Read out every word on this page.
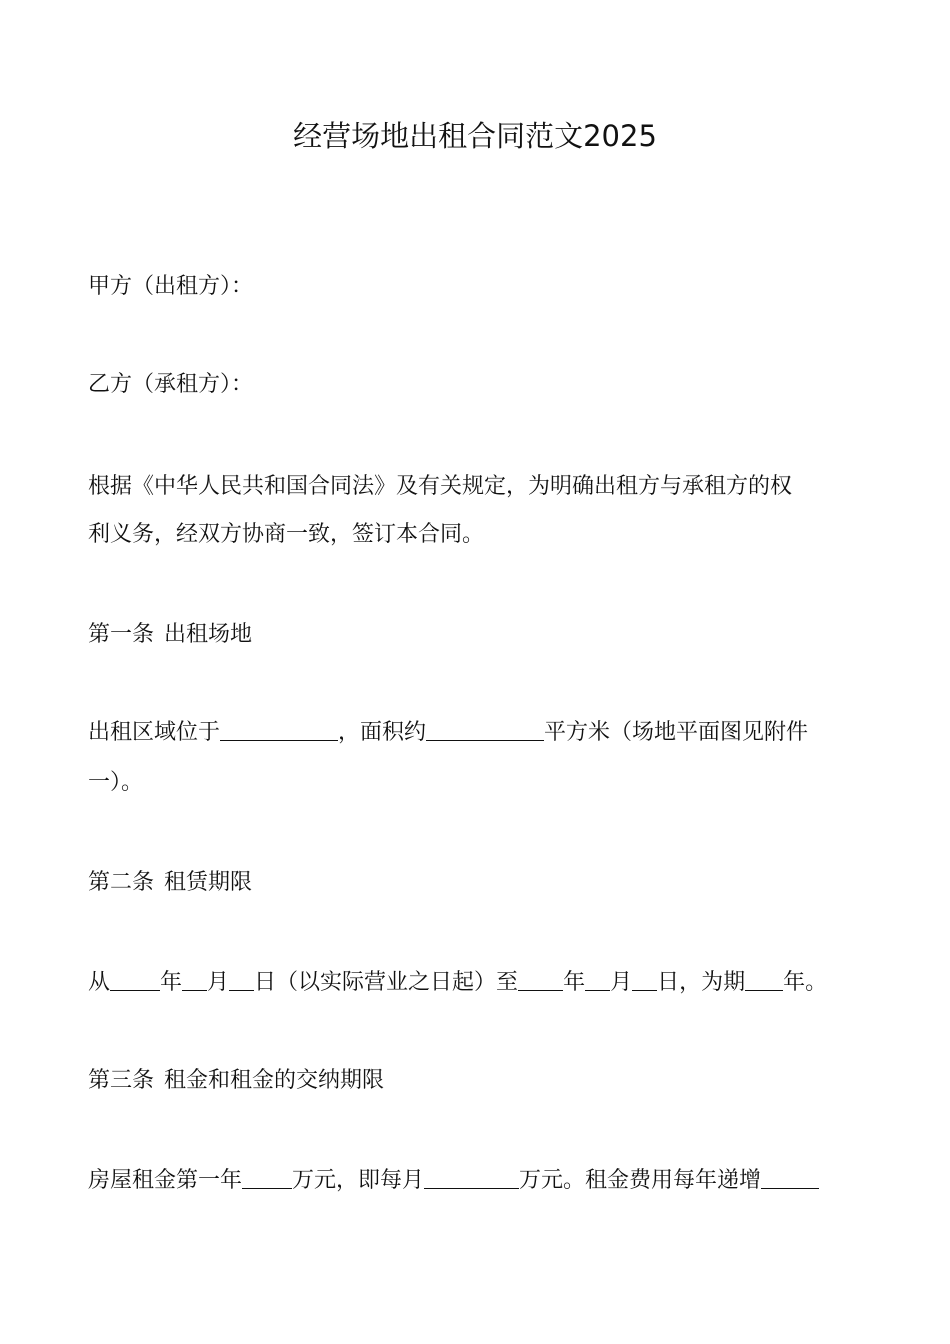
经营场地出租合同范文2025
甲方（出租方）：
乙方（承租方）：
根据《中华人民共和国合同法》及有关规定，为明确出租方与承租方的权
利义务，经双方协商一致，签订本合同。
第一条 出租场地
出租区域位于	，面积约	平方米（场地平面图见附件
一）。
第二条 租赁期限
从 年 月 日（以实际营业之日起）至 年 月 日，为期 年。
第三条 租金和租金的交纳期限
房屋租金第一年 万元，即每月	万元。租金费用每年递增
